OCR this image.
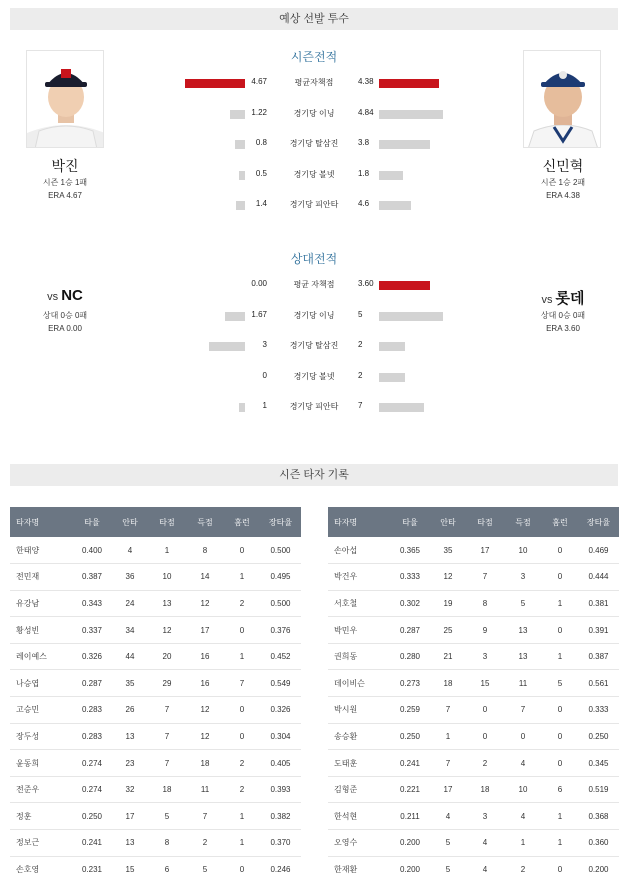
예상 선발 투수
시즌전적
박진
시즌 1승 1패
ERA 4.67
신민혁
시즌 1승 2패
ERA 4.38
4.67	평균자책점	4.38
1.22	경기당 이닝	4.84
0.8	경기당 탈삼진	3.8
0.5	경기당 볼넷	1.8
1.4	경기당 피안타	4.6
상대전적
vs NC
상대 0승 0패
ERA 0.00
vs 롯데
상대 0승 0패
ERA 3.60
0.00	평균 자책점	3.60
1.67	경기당 이닝	5
3	경기당 탈삼진	2
0	경기당 볼넷	2
1	경기당 피안타	7
시즌 타자 기록
타자명	타율	안타	타점	득점	홈런	장타율
한태양	0.400	4	1	8	0	0.500
전민재	0.387	36	10	14	1	0.495
유강남	0.343	24	13	12	2	0.500
황성빈	0.337	34	12	17	0	0.376
레이예스	0.326	44	20	16	1	0.452
나승엽	0.287	35	29	16	7	0.549
고승민	0.283	26	7	12	0	0.326
장두성	0.283	13	7	12	0	0.304
윤동희	0.274	23	7	18	2	0.405
전준우	0.274	32	18	11	2	0.393
정훈	0.250	17	5	7	1	0.382
정보근	0.241	13	8	2	1	0.370
손호영	0.231	15	6	5	0	0.246
타자명	타율	안타	타점	득점	홈런	장타율
손아섭	0.365	35	17	10	0	0.469
박건우	0.333	12	7	3	0	0.444
서호철	0.302	19	8	5	1	0.381
박민우	0.287	25	9	13	0	0.391
권희동	0.280	21	3	13	1	0.387
데이비슨	0.273	18	15	11	5	0.561
박시원	0.259	7	0	7	0	0.333
송승환	0.250	1	0	0	0	0.250
도태훈	0.241	7	2	4	0	0.345
김형준	0.221	17	18	10	6	0.519
한석현	0.211	4	3	4	1	0.368
오영수	0.200	5	4	1	1	0.360
한재환	0.200	5	4	2	0	0.200
